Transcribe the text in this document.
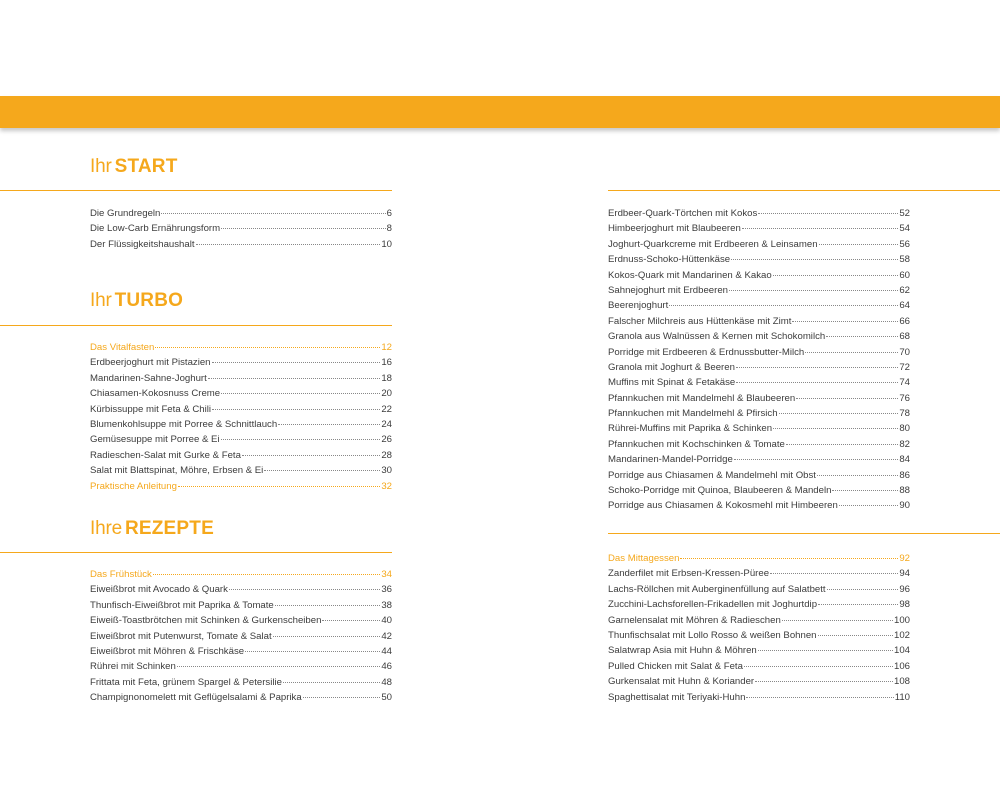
Ihr START
Die Grundregeln	6
Die Low-Carb Ernährungsform	8
Der Flüssigkeitshaushalt	10
Ihr TURBO
Das Vitalfasten	12
Erdbeerjoghurt mit Pistazien	16
Mandarinen-Sahne-Joghurt	18
Chiasamen-Kokosnuss Creme	20
Kürbissuppe mit Feta & Chili	22
Blumenkohlsuppe mit Porree & Schnittlauch	24
Gemüsesuppe mit Porree & Ei	26
Radieschen-Salat mit Gurke & Feta	28
Salat mit Blattspinat, Möhre, Erbsen & Ei	30
Praktische Anleitung	32
Ihre REZEPTE
Das Frühstück	34
Eiweißbrot mit Avocado & Quark	36
Thunfisch-Eiweißbrot mit Paprika & Tomate	38
Eiweiß-Toastbrötchen mit Schinken & Gurkenscheiben	40
Eiweißbrot mit Putenwurst, Tomate & Salat	42
Eiweißbrot mit Möhren & Frischkäse	44
Rührei mit Schinken	46
Frittata mit Feta, grünem Spargel & Petersilie	48
Champignonomelett mit Geflügelsalami & Paprika	50
Erdbeer-Quark-Törtchen mit Kokos	52
Himbeerjoghurt mit Blaubeeren	54
Joghurt-Quarkcreme mit Erdbeeren & Leinsamen	56
Erdnuss-Schoko-Hüttenkäse	58
Kokos-Quark mit Mandarinen & Kakao	60
Sahnejoghurt mit Erdbeeren	62
Beerenjoghurt	64
Falscher Milchreis aus Hüttenkäse mit Zimt	66
Granola aus Walnüssen & Kernen mit Schokomilch	68
Porridge mit Erdbeeren & Erdnussbutter-Milch	70
Granola mit Joghurt & Beeren	72
Muffins mit Spinat & Fetakäse	74
Pfannkuchen mit Mandelmehl & Blaubeeren	76
Pfannkuchen mit Mandelmehl & Pfirsich	78
Rührei-Muffins mit Paprika & Schinken	80
Pfannkuchen mit Kochschinken & Tomate	82
Mandarinen-Mandel-Porridge	84
Porridge aus Chiasamen & Mandelmehl mit Obst	86
Schoko-Porridge mit Quinoa, Blaubeeren & Mandeln	88
Porridge aus Chiasamen & Kokosmehl mit Himbeeren	90
Das Mittagessen	92
Zanderfilet mit Erbsen-Kressen-Püree	94
Lachs-Röllchen mit Auberginenfüllung auf Salatbett	96
Zucchini-Lachsforellen-Frikadellen mit Joghurtdip	98
Garnelensalat mit Möhren & Radieschen	100
Thunfischsalat mit Lollo Rosso & weißen Bohnen	102
Salatwrap Asia mit Huhn & Möhren	104
Pulled Chicken mit Salat & Feta	106
Gurkensalat mit Huhn & Koriander	108
Spaghettisalat mit Teriyaki-Huhn	110
